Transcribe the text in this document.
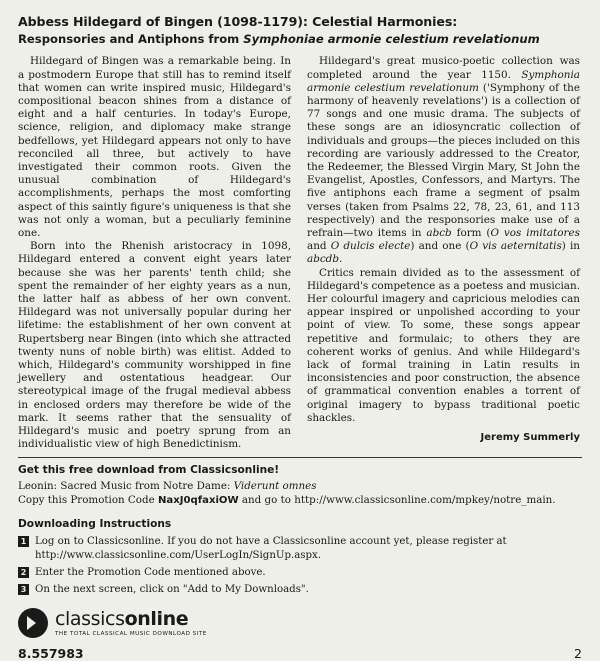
Abbess Hildegard of Bingen (1098-1179): Celestial Harmonies:
Responsories and Antiphons from Symphoniae armonie celestium revelationum

Hildegard of Bingen was a remarkable being. In a postmodern Europe that still has to remind itself that women can write inspired music, Hildegard's compositional beacon shines from a distance of eight and a half centuries. In today's Europe, science, religion, and diplomacy make strange bedfellows, yet Hildegard appears not only to have reconciled all three, but actively to have investigated their common roots. Given the unusual combination of Hildegard's accomplishments, perhaps the most comforting aspect of this saintly figure's uniqueness is that she was not only a woman, but a peculiarly feminine one.

Born into the Rhenish aristocracy in 1098, Hildegard entered a convent eight years later because she was her parents' tenth child; she spent the remainder of her eighty years as a nun, the latter half as abbess of her own convent. Hildegard was not universally popular during her lifetime: the establishment of her own convent at Rupertsberg near Bingen (into which she attracted twenty nuns of noble birth) was elitist. Added to which, Hildegard's community worshipped in fine jewellery and ostentatious headgear. Our stereotypical image of the frugal medieval abbess in enclosed orders may therefore be wide of the mark. It seems rather that the sensuality of Hildegard's music and poetry sprung from an individualistic view of high Benedictinism.

Hildegard's great musico-poetic collection was completed around the year 1150. Symphonia armonie celestium revelationum ('Symphony of the harmony of heavenly revelations') is a collection of 77 songs and one music drama. The subjects of these songs are an idiosyncratic collection of individuals and groups—the pieces included on this recording are variously addressed to the Creator, the Redeemer, the Blessed Virgin Mary, St John the Evangelist, Apostles, Confessors, and Martyrs. The five antiphons each frame a segment of psalm verses (taken from Psalms 22, 78, 23, 61, and 113 respectively) and the responsories make use of a refrain—two items in abcb form (O vos imitatores and O dulcis electe) and one (O vis aeternitatis) in abcdb.

Critics remain divided as to the assessment of Hildegard's competence as a poetess and musician. Her colourful imagery and capricious melodies can appear inspired or unpolished according to your point of view. To some, these songs appear repetitive and formulaic; to others they are coherent works of genius. And while Hildegard's lack of formal training in Latin results in inconsistencies and poor construction, the absence of grammatical convention enables a torrent of original imagery to bypass traditional poetic shackles.

Jeremy Summerly
Get this free download from Classicsonline!
Leonin: Sacred Music from Notre Dame: Viderunt omnes
Copy this Promotion Code NaxJ0qfaxiOW and go to http://www.classicsonline.com/mpkey/notre_main.
Downloading Instructions
1 Log on to Classicsonline. If you do not have a Classicsonline account yet, please register at http://www.classicsonline.com/UserLogIn/SignUp.aspx.
2 Enter the Promotion Code mentioned above.
3 On the next screen, click on "Add to My Downloads".
classicsonline
THE TOTAL CLASSICAL MUSIC DOWNLOAD SITE
8.557983	2
